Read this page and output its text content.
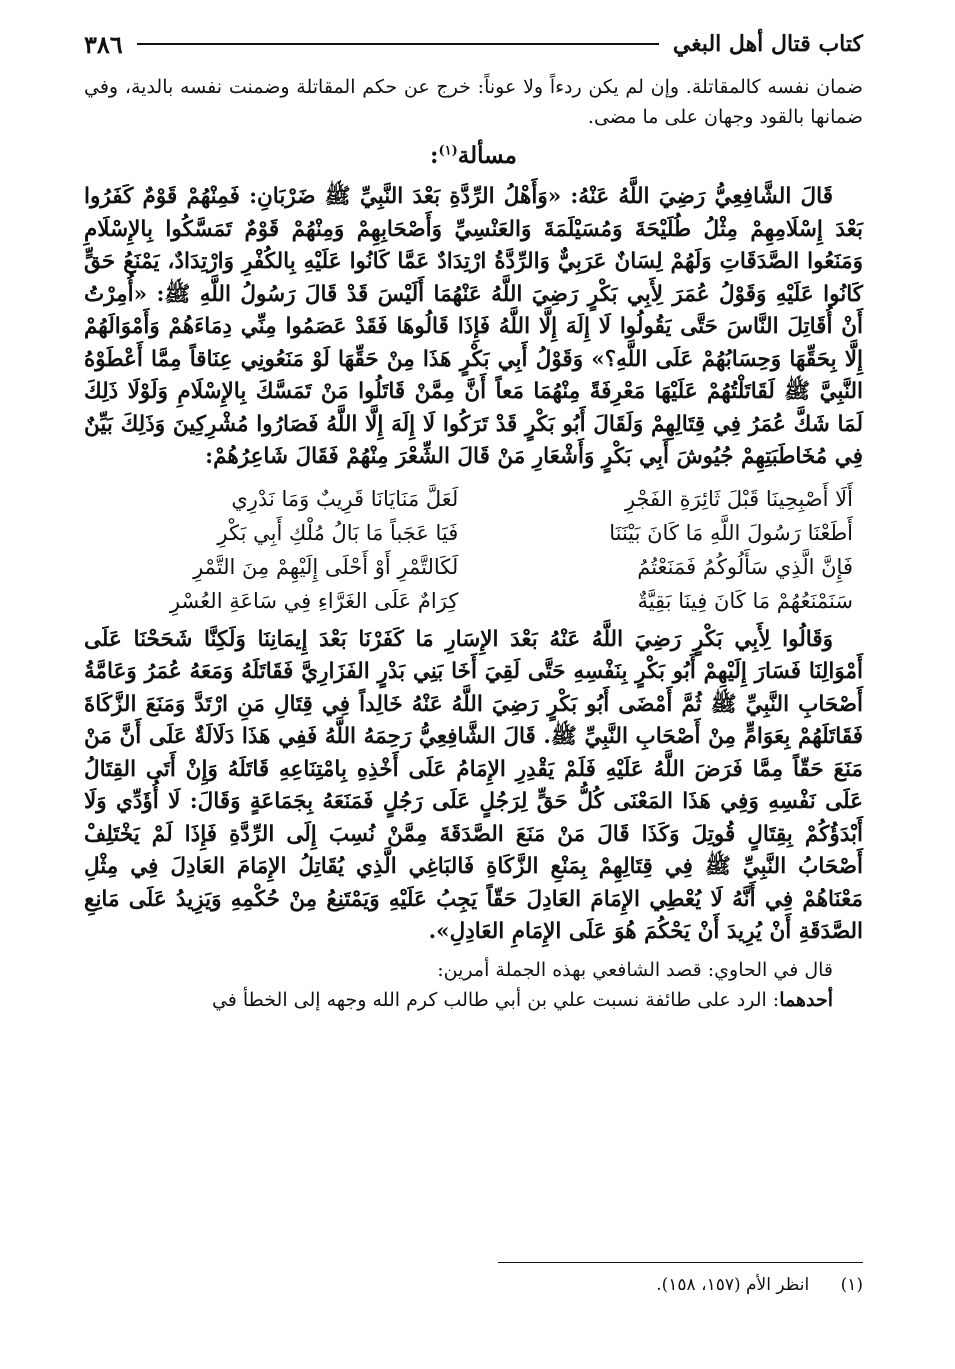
كتاب قتال أهل البغي
٣٨٦

ضمان نفسه كالمقاتلة. وإن لم يكن ردءاً ولا عوناً: خرج عن حكم المقاتلة وضمنت نفسه بالدية، وفي ضمانها بالقود وجهان على ما مضى.

مسألة$^{(١)}$:

قَالَ الشَّافِعِيُّ رَضِيَ اللَّهُ عَنْهُ: «وَأَهْلُ الرِّدَّةِ بَعْدَ النَّبِيِّ ﷺ ضَرْبَانِ: فَمِنْهُمْ قَوْمٌ كَفَرُوا بَعْدَ إِسْلَامِهِمْ مِثْلُ طُلَيْحَةَ وَمُسَيْلَمَةَ وَالعَنْسِيِّ وَأَصْحَابِهِمْ وَمِنْهُمْ قَوْمٌ تَمَسَّكُوا بِالإِسْلَامِ وَمَنَعُوا الصَّدَقَاتِ وَلَهُمْ لِسَانٌ عَرَبِيٌّ وَالرِّدَّةُ ارْتِدَادٌ عَمَّا كَانُوا عَلَيْهِ بِالكُفْرِ وَارْتِدَادٌ، يَمْنَعُ حَقٍّ كَانُوا عَلَيْهِ وَقَوْلُ عُمَرَ لِأَبِي بَكْرٍ رَضِيَ اللَّهُ عَنْهُمَا أَلَيْسَ قَدْ قَالَ رَسُولُ اللَّهِ ﷺ: «أُمِرْتُ أَنْ أُقَاتِلَ النَّاسَ حَتَّى يَقُولُوا لَا إِلَهَ إِلَّا اللَّهُ فَإِذَا قَالُوهَا فَقَدْ عَصَمُوا مِنِّي دِمَاءَهُمْ وَأَمْوَالَهُمْ إِلَّا بِحَقِّهَا وَحِسَابُهُمْ عَلَى اللَّهِ؟» وَقَوْلُ أَبِي بَكْرٍ هَذَا مِنْ حَقِّهَا لَوْ مَنَعُونِي عِنَاقاً مِمَّا أَعْطَوْهُ النَّبِيَّ ﷺ لَقَاتَلْتُهُمْ عَلَيْهَا مَعْرِفَةً مِنْهُمَا مَعاً أَنَّ مِمَّنْ قَاتَلُوا مَنْ تَمَسَّكَ بِالإِسْلَامِ وَلَوْلَا ذَلِكَ لَمَا شَكَّ عُمَرُ فِي قِتَالِهِمْ وَلَقَالَ أَبُو بَكْرٍ قَدْ تَرَكُوا لَا إِلَهَ إِلَّا اللَّهُ فَصَارُوا مُشْرِكِينَ وَذَلِكَ بَيِّنٌ فِي مُخَاطَبَتِهِمْ جُيُوشَ أَبِي بَكْرٍ وَأَشْعَارِ مَنْ قَالَ الشِّعْرَ مِنْهُمْ فَقَالَ شَاعِرُهُمْ:

أَلَا أَصْبِحِينَا قَبْلَ ثَائِرَةِ الفَجْرِ
لَعَلَّ مَنَايَانَا قَرِيبٌ وَمَا نَدْرِي
أَطَعْنَا رَسُولَ اللَّهِ مَا كَانَ بَيْنَنَا
فَيَا عَجَباً مَا بَالُ مُلْكِ أَبِي بَكْرِ
فَإِنَّ الَّذِي سَأَلُوكُمُ فَمَنَعْتُمُ
لَكَالتَّمْرِ أَوْ أَحْلَى إِلَيْهِمْ مِنَ التَّمْرِ
سَنَمْنَعُهُمْ مَا كَانَ فِينَا بَقِيَّةٌ
كِرَامٌ عَلَى الغَرَّاءِ فِي سَاعَةِ العُسْرِ

وَقَالُوا لِأَبِي بَكْرٍ رَضِيَ اللَّهُ عَنْهُ بَعْدَ الإِسَارِ مَا كَفَرْنَا بَعْدَ إِيمَانِنَا وَلَكِنَّا شَحَحْنَا عَلَى أَمْوَالِنَا فَسَارَ إِلَيْهِمْ أَبُو بَكْرٍ بِنَفْسِهِ حَتَّى لَقِيَ أَخَا بَنِي بَدْرٍ الفَزَارِيَّ فَقَاتَلَهُ وَمَعَهُ عُمَرُ وَعَامَّةُ أَصْحَابِ النَّبِيِّ ﷺ ثُمَّ أَمْضَى أَبُو بَكْرٍ رَضِيَ اللَّهُ عَنْهُ خَالِداً فِي قِتَالِ مَنِ ارْتَدَّ وَمَنَعَ الزَّكَاةَ فَقَاتَلَهُمْ بِعَوَامٍّ مِنْ أَصْحَابِ النَّبِيِّ ﷺ. قَالَ الشَّافِعِيُّ رَحِمَهُ اللَّهُ فَفِي هَذَا دَلَالَةٌ عَلَى أَنَّ مَنْ مَنَعَ حَقّاً مِمَّا فَرَضَ اللَّهُ عَلَيْهِ فَلَمْ يَقْدِرِ الإِمَامُ عَلَى أَخْذِهِ بِامْتِنَاعِهِ قَاتَلَهُ وَإِنْ أَتَى القِتَالُ عَلَى نَفْسِهِ وَفِي هَذَا المَعْنَى كُلُّ حَقٍّ لِرَجُلٍ عَلَى رَجُلٍ فَمَنَعَهُ بِجَمَاعَةٍ وَقَالَ: لَا أُؤَدِّي وَلَا أَبْدَؤُكُمْ بِقِتَالٍ قُوتِلَ وَكَذَا قَالَ مَنْ مَنَعَ الصَّدَقَةَ مِمَّنْ نُسِبَ إِلَى الرِّدَّةِ فَإِذَا لَمْ يَخْتَلِفْ أَصْحَابُ النَّبِيِّ ﷺ فِي قِتَالِهِمْ بِمَنْعِ الزَّكَاةِ فَالبَاغِي الَّذِي يُقَاتِلُ الإِمَامَ العَادِلَ فِي مِثْلِ مَعْنَاهُمْ فِي أَنَّهُ لَا يُعْطِي الإِمَامَ العَادِلَ حَقّاً يَجِبُ عَلَيْهِ وَيَمْتَنِعُ مِنْ حُكْمِهِ وَيَزِيدُ عَلَى مَانِعِ الصَّدَقَةِ أَنْ يُرِيدَ أَنْ يَحْكُمَ هُوَ عَلَى الإِمَامِ العَادِلِ».

قال في الحاوي: قصد الشافعي بهذه الجملة أمرين:

أحدهما: الرد على طائفة نسبت علي بن أبي طالب كرم الله وجهه إلى الخطأ في

(١) انظر الأم (١٥٧، ١٥٨).
